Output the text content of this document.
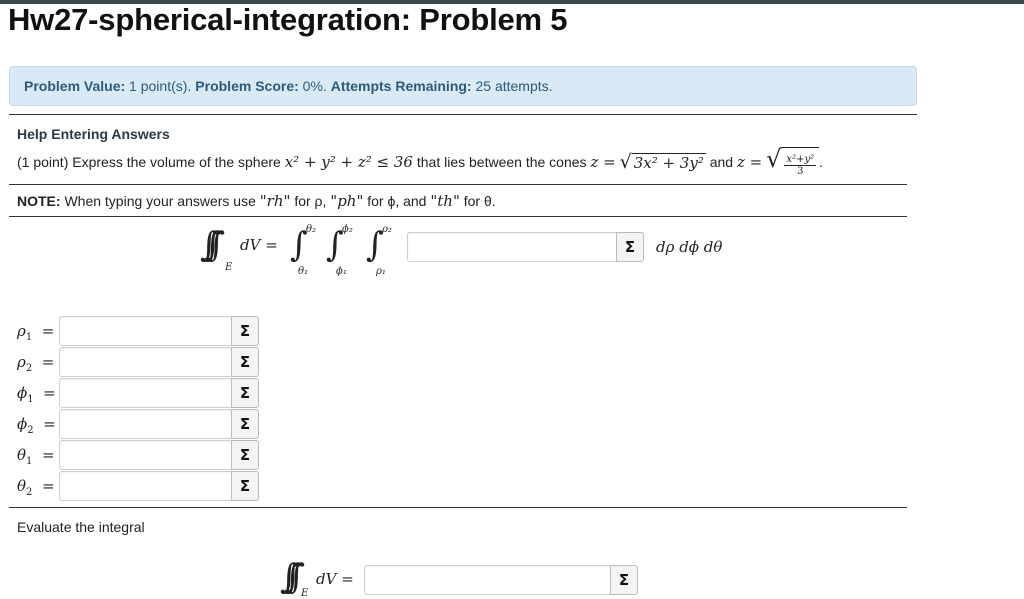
Hw27-spherical-integration: Problem 5
Problem Value:
1 point(s). Problem Score:
0%. Attempts Remaining:
25 attempts.
Help Entering Answers
(1 point) Express the volume of the sphere
x² + y² + z² ≤ 36
that lies between the cones
z =
√ 3x² + 3y²
and
z =
√ $\frac{\text{x²+y²}}{3}$ .
NOTE: When typing your answers use "rh" for ρ, "ph" for ϕ, and "th" for θ.
∫∫∫
E
dV = ∫
θ₂
θ₁
∫
ϕ₂
ϕ₁
∫
ρ₂
ρ₁
dρ dϕ dθ
Σ
$\rho_1$ =	Σ
$\rho_2$ =	Σ
$\phi_1$ =	Σ
$\phi_2$ =	Σ
$\theta_1$ =	Σ
$\theta_2$ =	Σ
Evaluate the integral
∫∫∫ E
dV =	Σ
